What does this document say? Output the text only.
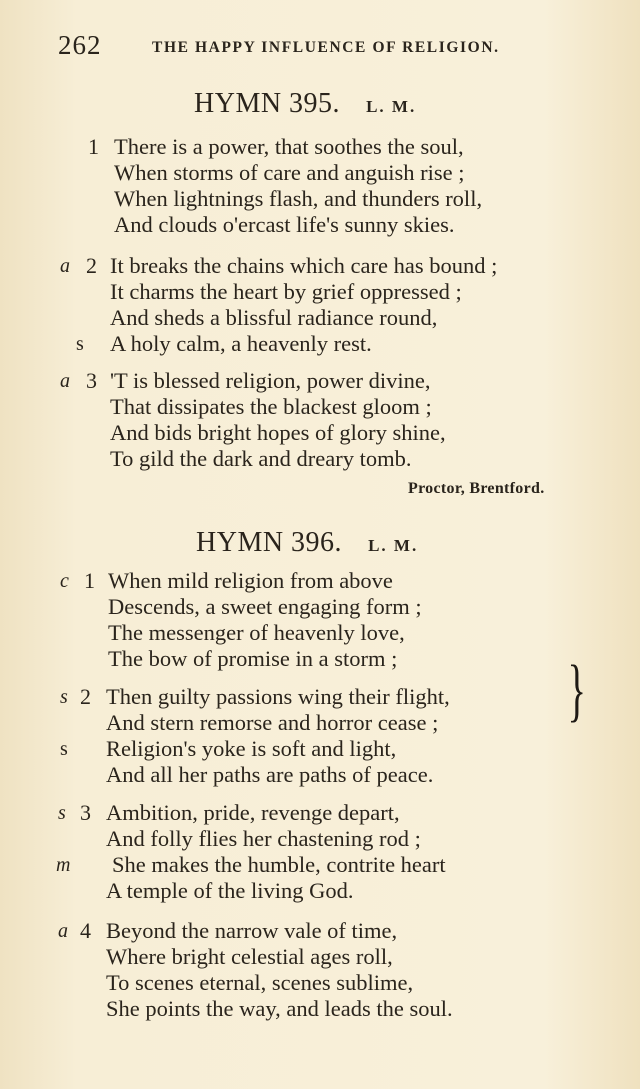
​
262	THE HAPPY INFLUENCE OF RELIGION.
HYMN 395. L. M.
1 There is a power, that soothes the soul,
When storms of care and anguish rise ;
When lightnings flash, and thunders roll,
And clouds o'ercast life's sunny skies.
a 2 It breaks the chains which care has bound ;
It charms the heart by grief oppressed ;
And sheds a blissful radiance round,
s A holy calm, a heavenly rest.
a 3 'T is blessed religion, power divine,
That dissipates the blackest gloom ;
And bids bright hopes of glory shine,
To gild the dark and dreary tomb.
Proctor, Brentford.
HYMN 396. L. M.
c 1 When mild religion from above
Descends, a sweet engaging form ;
The messenger of heavenly love,
The bow of promise in a storm ; }
s 2 Then guilty passions wing their flight,
And stern remorse and horror cease ;
s Religion's yoke is soft and light,
And all her paths are paths of peace.
s 3 Ambition, pride, revenge depart,
And folly flies her chastening rod ;
m She makes the humble, contrite heart
A temple of the living God.
a 4 Beyond the narrow vale of time,
Where bright celestial ages roll,
To scenes eternal, scenes sublime,
She points the way, and leads the soul.
